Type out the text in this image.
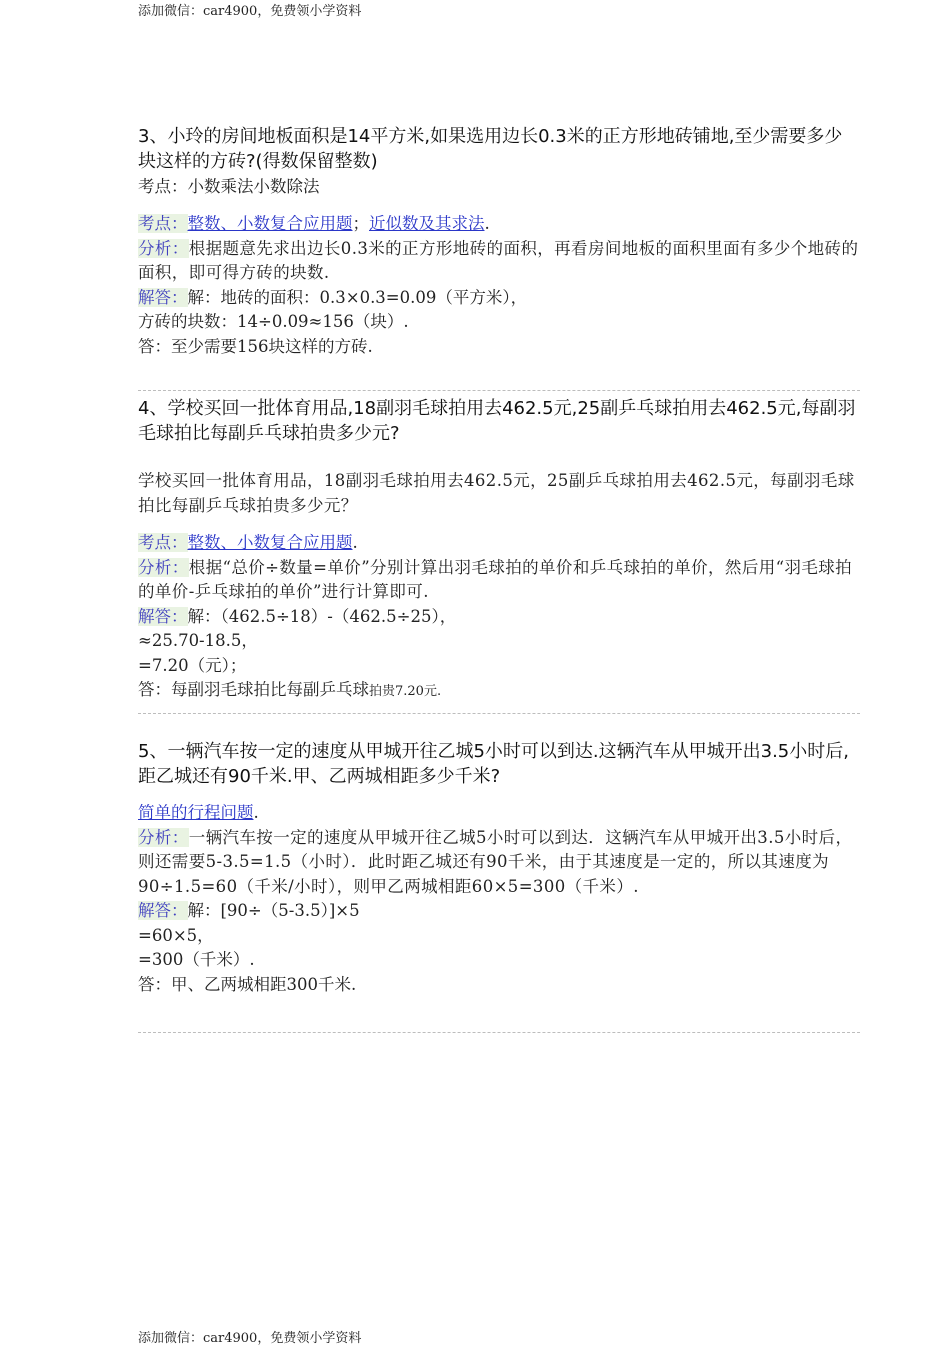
添加微信：car4900，免费领小学资料
3、小玲的房间地板面积是14平方米,如果选用边长0.3米的正方形地砖铺地,至少需要多少块这样的方砖?(得数保留整数)
考点：小数乘法小数除法
考点：整数、小数复合应用题；近似数及其求法.
分析：根据题意先求出边长0.3米的正方形地砖的面积，再看房间地板的面积里面有多少个地砖的面积，即可得方砖的块数.
解答：解：地砖的面积：0.3×0.3=0.09（平方米），
方砖的块数：14÷0.09≈156（块）.
答：至少需要156块这样的方砖.
4、学校买回一批体育用品,18副羽毛球拍用去462.5元,25副乒乓球拍用去462.5元,每副羽毛球拍比每副乒乓球拍贵多少元?
学校买回一批体育用品，18副羽毛球拍用去462.5元，25副乒乓球拍用去462.5元，每副羽毛球拍比每副乒乓球拍贵多少元？
考点：整数、小数复合应用题.
分析：根据“总价÷数量=单价”分别计算出羽毛球拍的单价和乒乓球拍的单价，然后用“羽毛球拍的单价-乒乓球拍的单价”进行计算即可.
解答：解：（462.5÷18）-（462.5÷25），
≈25.70-18.5，
=7.20（元）；
答：每副羽毛球拍比每副乒乓球拍贵7.20元.
5、一辆汽车按一定的速度从甲城开往乙城5小时可以到达.这辆汽车从甲城开出3.5小时后,距乙城还有90千米.甲、乙两城相距多少千米?
简单的行程问题.
分析：一辆汽车按一定的速度从甲城开往乙城5小时可以到达．这辆汽车从甲城开出3.5小时后，则还需要5-3.5=1.5（小时）．此时距乙城还有90千米，由于其速度是一定的，所以其速度为90÷1.5=60（千米/小时），则甲乙两城相距60×5=300（千米）.
解答：解：[90÷（5-3.5）]×5
=60×5，
=300（千米）.
答：甲、乙两城相距300千米.
添加微信：car4900，免费领小学资料
